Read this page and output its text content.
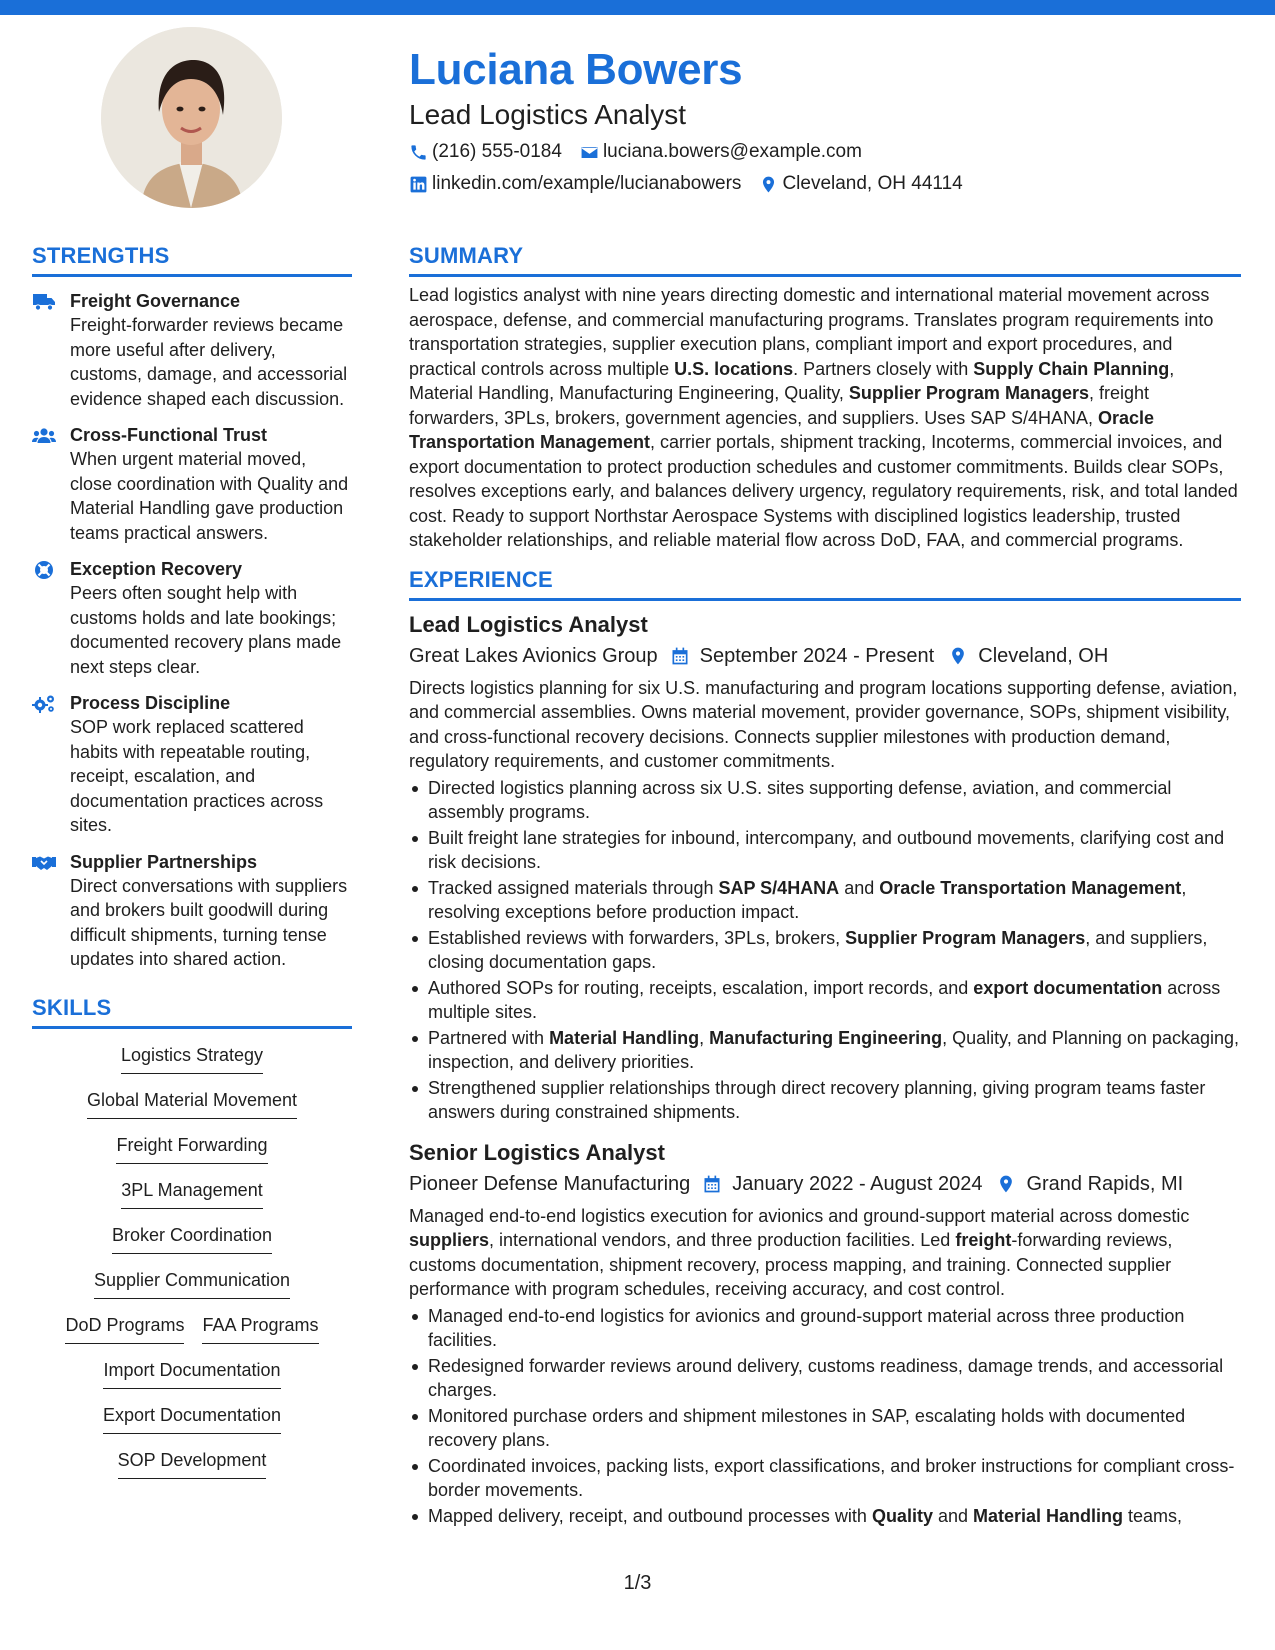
Luciana Bowers
Lead Logistics Analyst
(216) 555-0184 luciana.bowers@example.com
linkedin.com/example/lucianabowers Cleveland, OH 44114
STRENGTHS
Freight Governance
Freight-forwarder reviews became more useful after delivery, customs, damage, and accessorial evidence shaped each discussion.
Cross-Functional Trust
When urgent material moved, close coordination with Quality and Material Handling gave production teams practical answers.
Exception Recovery
Peers often sought help with customs holds and late bookings; documented recovery plans made next steps clear.
Process Discipline
SOP work replaced scattered habits with repeatable routing, receipt, escalation, and documentation practices across sites.
Supplier Partnerships
Direct conversations with suppliers and brokers built goodwill during difficult shipments, turning tense updates into shared action.
SKILLS
Logistics Strategy
Global Material Movement
Freight Forwarding
3PL Management
Broker Coordination
Supplier Communication
DoD Programs FAA Programs
Import Documentation
Export Documentation
SOP Development
SUMMARY
Lead logistics analyst with nine years directing domestic and international material movement across aerospace, defense, and commercial manufacturing programs. Translates program requirements into transportation strategies, supplier execution plans, compliant import and export procedures, and practical controls across multiple U.S. locations. Partners closely with Supply Chain Planning, Material Handling, Manufacturing Engineering, Quality, Supplier Program Managers, freight forwarders, 3PLs, brokers, government agencies, and suppliers. Uses SAP S/4HANA, Oracle Transportation Management, carrier portals, shipment tracking, Incoterms, commercial invoices, and export documentation to protect production schedules and customer commitments. Builds clear SOPs, resolves exceptions early, and balances delivery urgency, regulatory requirements, risk, and total landed cost. Ready to support Northstar Aerospace Systems with disciplined logistics leadership, trusted stakeholder relationships, and reliable material flow across DoD, FAA, and commercial programs.
EXPERIENCE
Lead Logistics Analyst
Great Lakes Avionics Group September 2024 - Present Cleveland, OH
Directs logistics planning for six U.S. manufacturing and program locations supporting defense, aviation, and commercial assemblies. Owns material movement, provider governance, SOPs, shipment visibility, and cross-functional recovery decisions. Connects supplier milestones with production demand, regulatory requirements, and customer commitments.
Directed logistics planning across six U.S. sites supporting defense, aviation, and commercial assembly programs.
Built freight lane strategies for inbound, intercompany, and outbound movements, clarifying cost and risk decisions.
Tracked assigned materials through SAP S/4HANA and Oracle Transportation Management, resolving exceptions before production impact.
Established reviews with forwarders, 3PLs, brokers, Supplier Program Managers, and suppliers, closing documentation gaps.
Authored SOPs for routing, receipts, escalation, import records, and export documentation across multiple sites.
Partnered with Material Handling, Manufacturing Engineering, Quality, and Planning on packaging, inspection, and delivery priorities.
Strengthened supplier relationships through direct recovery planning, giving program teams faster answers during constrained shipments.
Senior Logistics Analyst
Pioneer Defense Manufacturing January 2022 - August 2024 Grand Rapids, MI
Managed end-to-end logistics execution for avionics and ground-support material across domestic suppliers, international vendors, and three production facilities. Led freight-forwarding reviews, customs documentation, shipment recovery, process mapping, and training. Connected supplier performance with program schedules, receiving accuracy, and cost control.
Managed end-to-end logistics for avionics and ground-support material across three production facilities.
Redesigned forwarder reviews around delivery, customs readiness, damage trends, and accessorial charges.
Monitored purchase orders and shipment milestones in SAP, escalating holds with documented recovery plans.
Coordinated invoices, packing lists, export classifications, and broker instructions for compliant cross-border movements.
Mapped delivery, receipt, and outbound processes with Quality and Material Handling teams,
1/3
